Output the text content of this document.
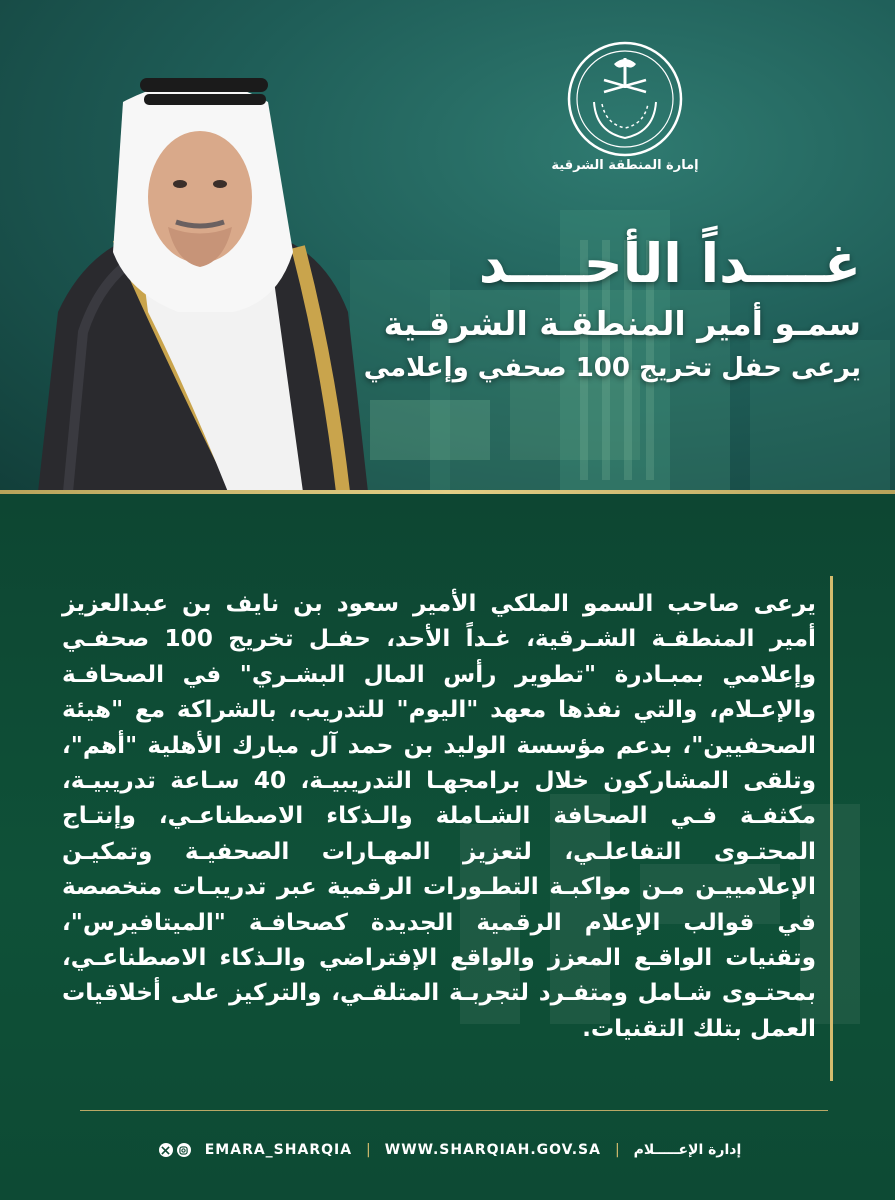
إمارة المنطقة الشرقية
غــــداً الأحــــد
سمـو أمير المنطقـة الشرقـية
يرعى حفل تخريج 100 صحفي وإعلامي

يرعى صاحب السمو الملكي الأمير سعود بن نايف بن عبدالعزيز أمير المنطقـة الشـرقية، غـداً الأحد، حفـل تخريج 100 صحفـي وإعلامي بمبـادرة "تطوير رأس المال البشـري" في الصحافـة والإعـلام، والتي نفذها معهد "اليوم" للتدريب، بالشراكة مع "هيئة الصحفيين"، بدعم مؤسسة الوليد بن حمد آل مبارك الأهلية "أهم"، وتلقى المشاركون خلال برامجهـا التدريبيـة، 40 سـاعة تدريبيـة، مكثفـة فـي الصحافة الشـاملة والـذكاء الاصطناعـي، وإنتـاج المحتـوى التفاعلـي، لتعزيز المهـارات الصحفيـة وتمكيـن الإعلامييـن مـن مواكبـة التطـورات الرقمية عبر تدريبـات متخصصة في قوالب الإعلام الرقمية الجديدة كصحافـة "الميتافيرس"، وتقنيات الواقـع المعزز والواقع الإفتراضي والـذكاء الاصطناعـي، بمحتـوى شـامل ومتفـرد لتجربـة المتلقـي، والتركيز على أخلاقيات العمل بتلك التقنيات.

EMARA_SHARQIA | WWW.SHARQIAH.GOV.SA | إدارة الإعـــــلام
